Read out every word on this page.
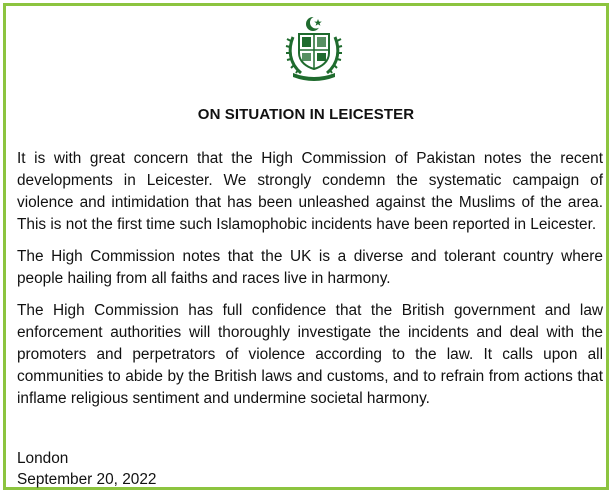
ON SITUATION IN LEICESTER

It is with great concern that the High Commission of Pakistan notes the recent developments in Leicester. We strongly condemn the systematic campaign of violence and intimidation that has been unleashed against the Muslims of the area. This is not the first time such Islamophobic incidents have been reported in Leicester.

The High Commission notes that the UK is a diverse and tolerant country where people hailing from all faiths and races live in harmony.

The High Commission has full confidence that the British government and law enforcement authorities will thoroughly investigate the incidents and deal with the promoters and perpetrators of violence according to the law. It calls upon all communities to abide by the British laws and customs, and to refrain from actions that inflame religious sentiment and undermine societal harmony.

London
September 20, 2022
